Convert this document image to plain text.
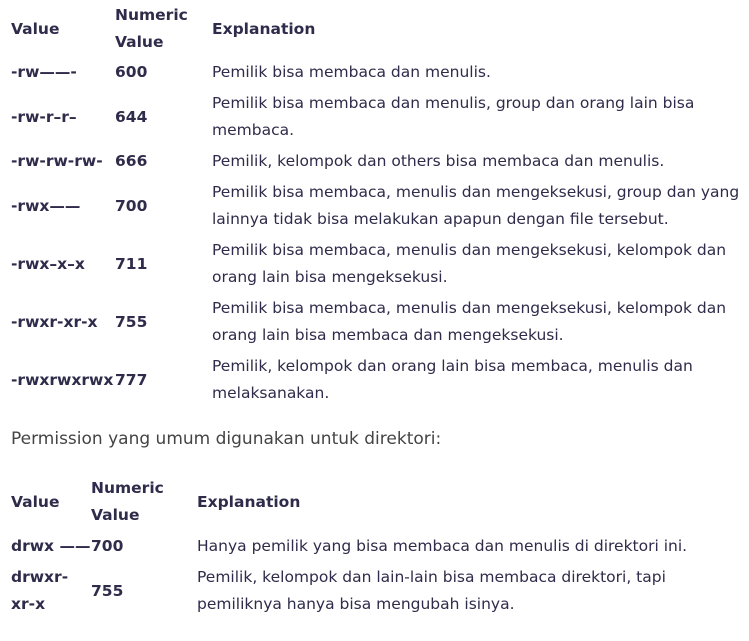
Value	Numeric Value	Explanation
-rw——-	600	Pemilik bisa membaca dan menulis.
-rw-r–r–	644	Pemilik bisa membaca dan menulis, group dan orang lain bisa membaca.
-rw-rw-rw-	666	Pemilik, kelompok dan others bisa membaca dan menulis.
-rwx——	700	Pemilik bisa membaca, menulis dan mengeksekusi, group dan yang lainnya tidak bisa melakukan apapun dengan file tersebut.
-rwx–x–x	711	Pemilik bisa membaca, menulis dan mengeksekusi, kelompok dan orang lain bisa mengeksekusi.
-rwxr-xr-x	755	Pemilik bisa membaca, menulis dan mengeksekusi, kelompok dan orang lain bisa membaca dan mengeksekusi.
-rwxrwxrwx	777	Pemilik, kelompok dan orang lain bisa membaca, menulis dan melaksanakan.
Permission yang umum digunakan untuk direktori:
Value	Numeric Value	Explanation
drwx ——	700	Hanya pemilik yang bisa membaca dan menulis di direktori ini.
drwxr-xr-x	755	Pemilik, kelompok dan lain-lain bisa membaca direktori, tapi pemiliknya hanya bisa mengubah isinya.
